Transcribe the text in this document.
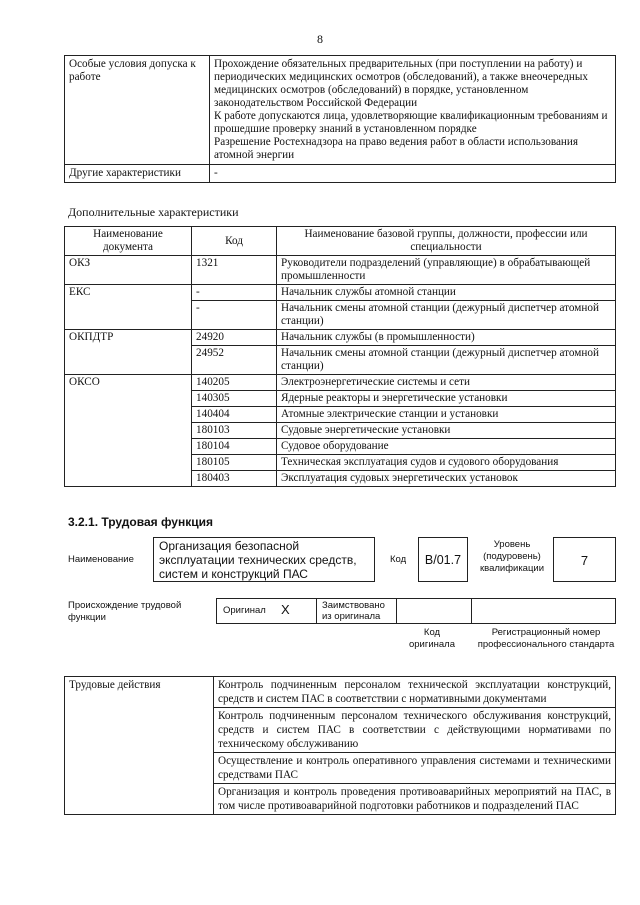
8
Особые условия допуска к работе	Прохождение обязательных предварительных (при поступлении на работу) и периодических медицинских осмотров (обследований), а также внеочередных медицинских осмотров (обследований) в порядке, установленном законодательством Российской Федерации
К работе допускаются лица, удовлетворяющие квалификационным требованиям и прошедшие проверку знаний в установленном порядке
Разрешение Ростехнадзора на право ведения работ в области использования атомной энергии

Другие характеристики	-
Дополнительные характеристики
Наименование документа	Код	Наименование базовой группы, должности, профессии или специальности
ОКЗ	1321	Руководители подразделений (управляющие) в обрабатывающей промышленности
ЕКС	-	Начальник службы атомной станции
	-	Начальник смены атомной станции (дежурный диспетчер атомной станции)
ОКПДТР	24920	Начальник службы (в промышленности)
	24952	Начальник смены атомной станции (дежурный диспетчер атомной станции)
ОКСО	140205	Электроэнергетические системы и сети
	140305	Ядерные реакторы и энергетические установки
	140404	Атомные электрические станции и установки
	180103	Судовые энергетические установки
	180104	Судовое оборудование
	180105	Техническая эксплуатация судов и судового оборудования
	180403	Эксплуатация судовых энергетических установок
3.2.1. Трудовая функция
Наименование
Организация безопасной эксплуатации технических средств, систем и конструкций ПАС
Код	B/01.7
Уровень (подуровень) квалификации
7
Происхождение трудовой функции
Оригинал X	Заимствовано из оригинала
Код оригинала
Регистрационный номер профессионального стандарта
Трудовые действия	Контроль подчиненным персоналом технической эксплуатации конструкций, средств и систем ПАС в соответствии с нормативными документами
Контроль подчиненным персоналом технического обслуживания конструкций, средств и систем ПАС в соответствии с действующими нормативами по техническому обслуживанию
Осуществление и контроль оперативного управления системами и техническими средствами ПАС
Организация и контроль проведения противоаварийных мероприятий на ПАС, в том числе противоаварийной подготовки работников и подразделений ПАС
